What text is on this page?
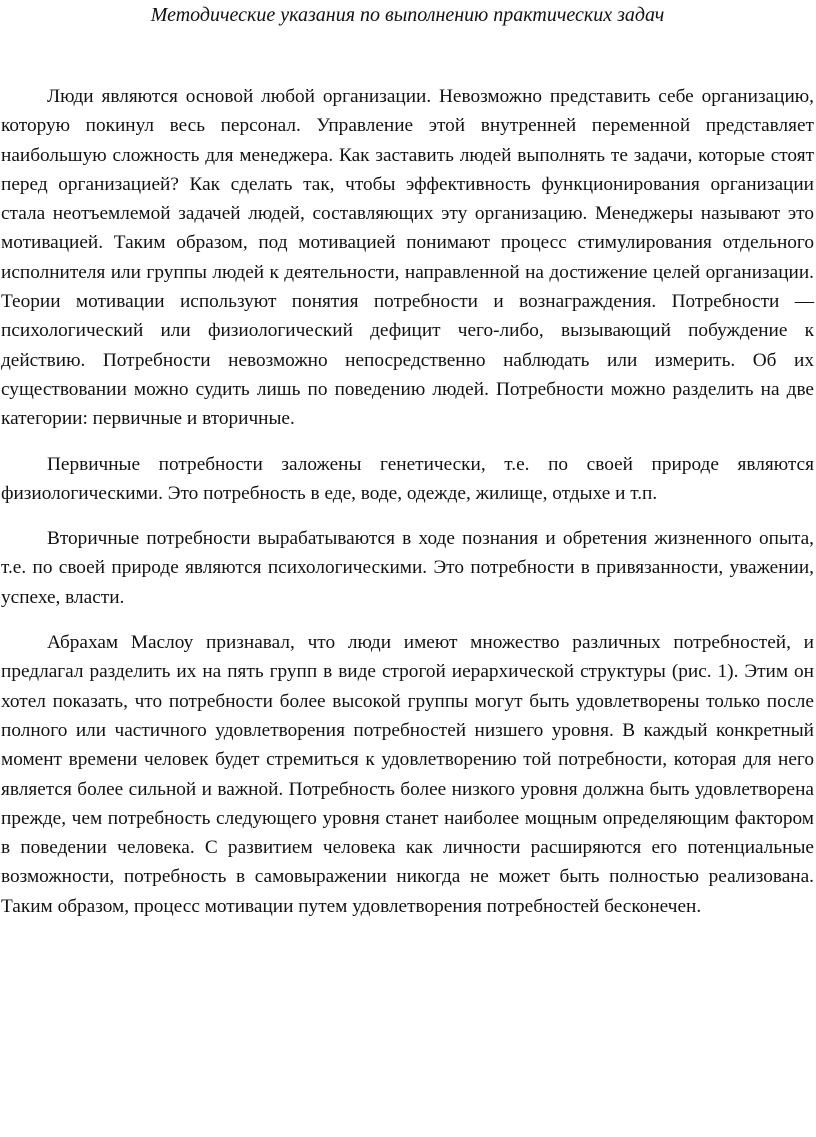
Методические указания по выполнению практических задач

Люди являются основой любой организации. Невозможно представить себе организацию, которую покинул весь персонал. Управление этой внутренней переменной представляет наибольшую сложность для менеджера. Как заставить людей выполнять те задачи, которые стоят перед организацией? Как сделать так, чтобы эффективность функционирования организации стала неотъемлемой задачей людей, составляющих эту организацию. Менеджеры называют это мотивацией. Таким образом, под мотивацией понимают процесс стимулирования отдельного исполнителя или группы людей к деятельности, направленной на достижение целей организации. Теории мотивации используют понятия потребности и вознаграждения. Потребности — психологический или физиологический дефицит чего-либо, вызывающий побуждение к действию. Потребности невозможно непосредственно наблюдать или измерить. Об их существовании можно судить лишь по поведению людей. Потребности можно разделить на две категории: первичные и вторичные.

Первичные потребности заложены генетически, т.е. по своей природе являются физиологическими. Это потребность в еде, воде, одежде, жилище, отдыхе и т.п.

Вторичные потребности вырабатываются в ходе познания и обретения жизненного опыта, т.е. по своей природе являются психологическими. Это потребности в привязанности, уважении, успехе, власти.

Абрахам Маслоу признавал, что люди имеют множество различных потребностей, и предлагал разделить их на пять групп в виде строгой иерархической структуры (рис. 1). Этим он хотел показать, что потребности более высокой группы могут быть удовлетворены только после полного или частичного удовлетворения потребностей низшего уровня. В каждый конкретный момент времени человек будет стремиться к удовлетворению той потребности, которая для него является более сильной и важной. Потребность более низкого уровня должна быть удовлетворена прежде, чем потребность следующего уровня станет наиболее мощным определяющим фактором в поведении человека. С развитием человека как личности расширяются его потенциальные возможности, потребность в самовыражении никогда не может быть полностью реализована. Таким образом, процесс мотивации путем удовлетворения потребностей бесконечен.
